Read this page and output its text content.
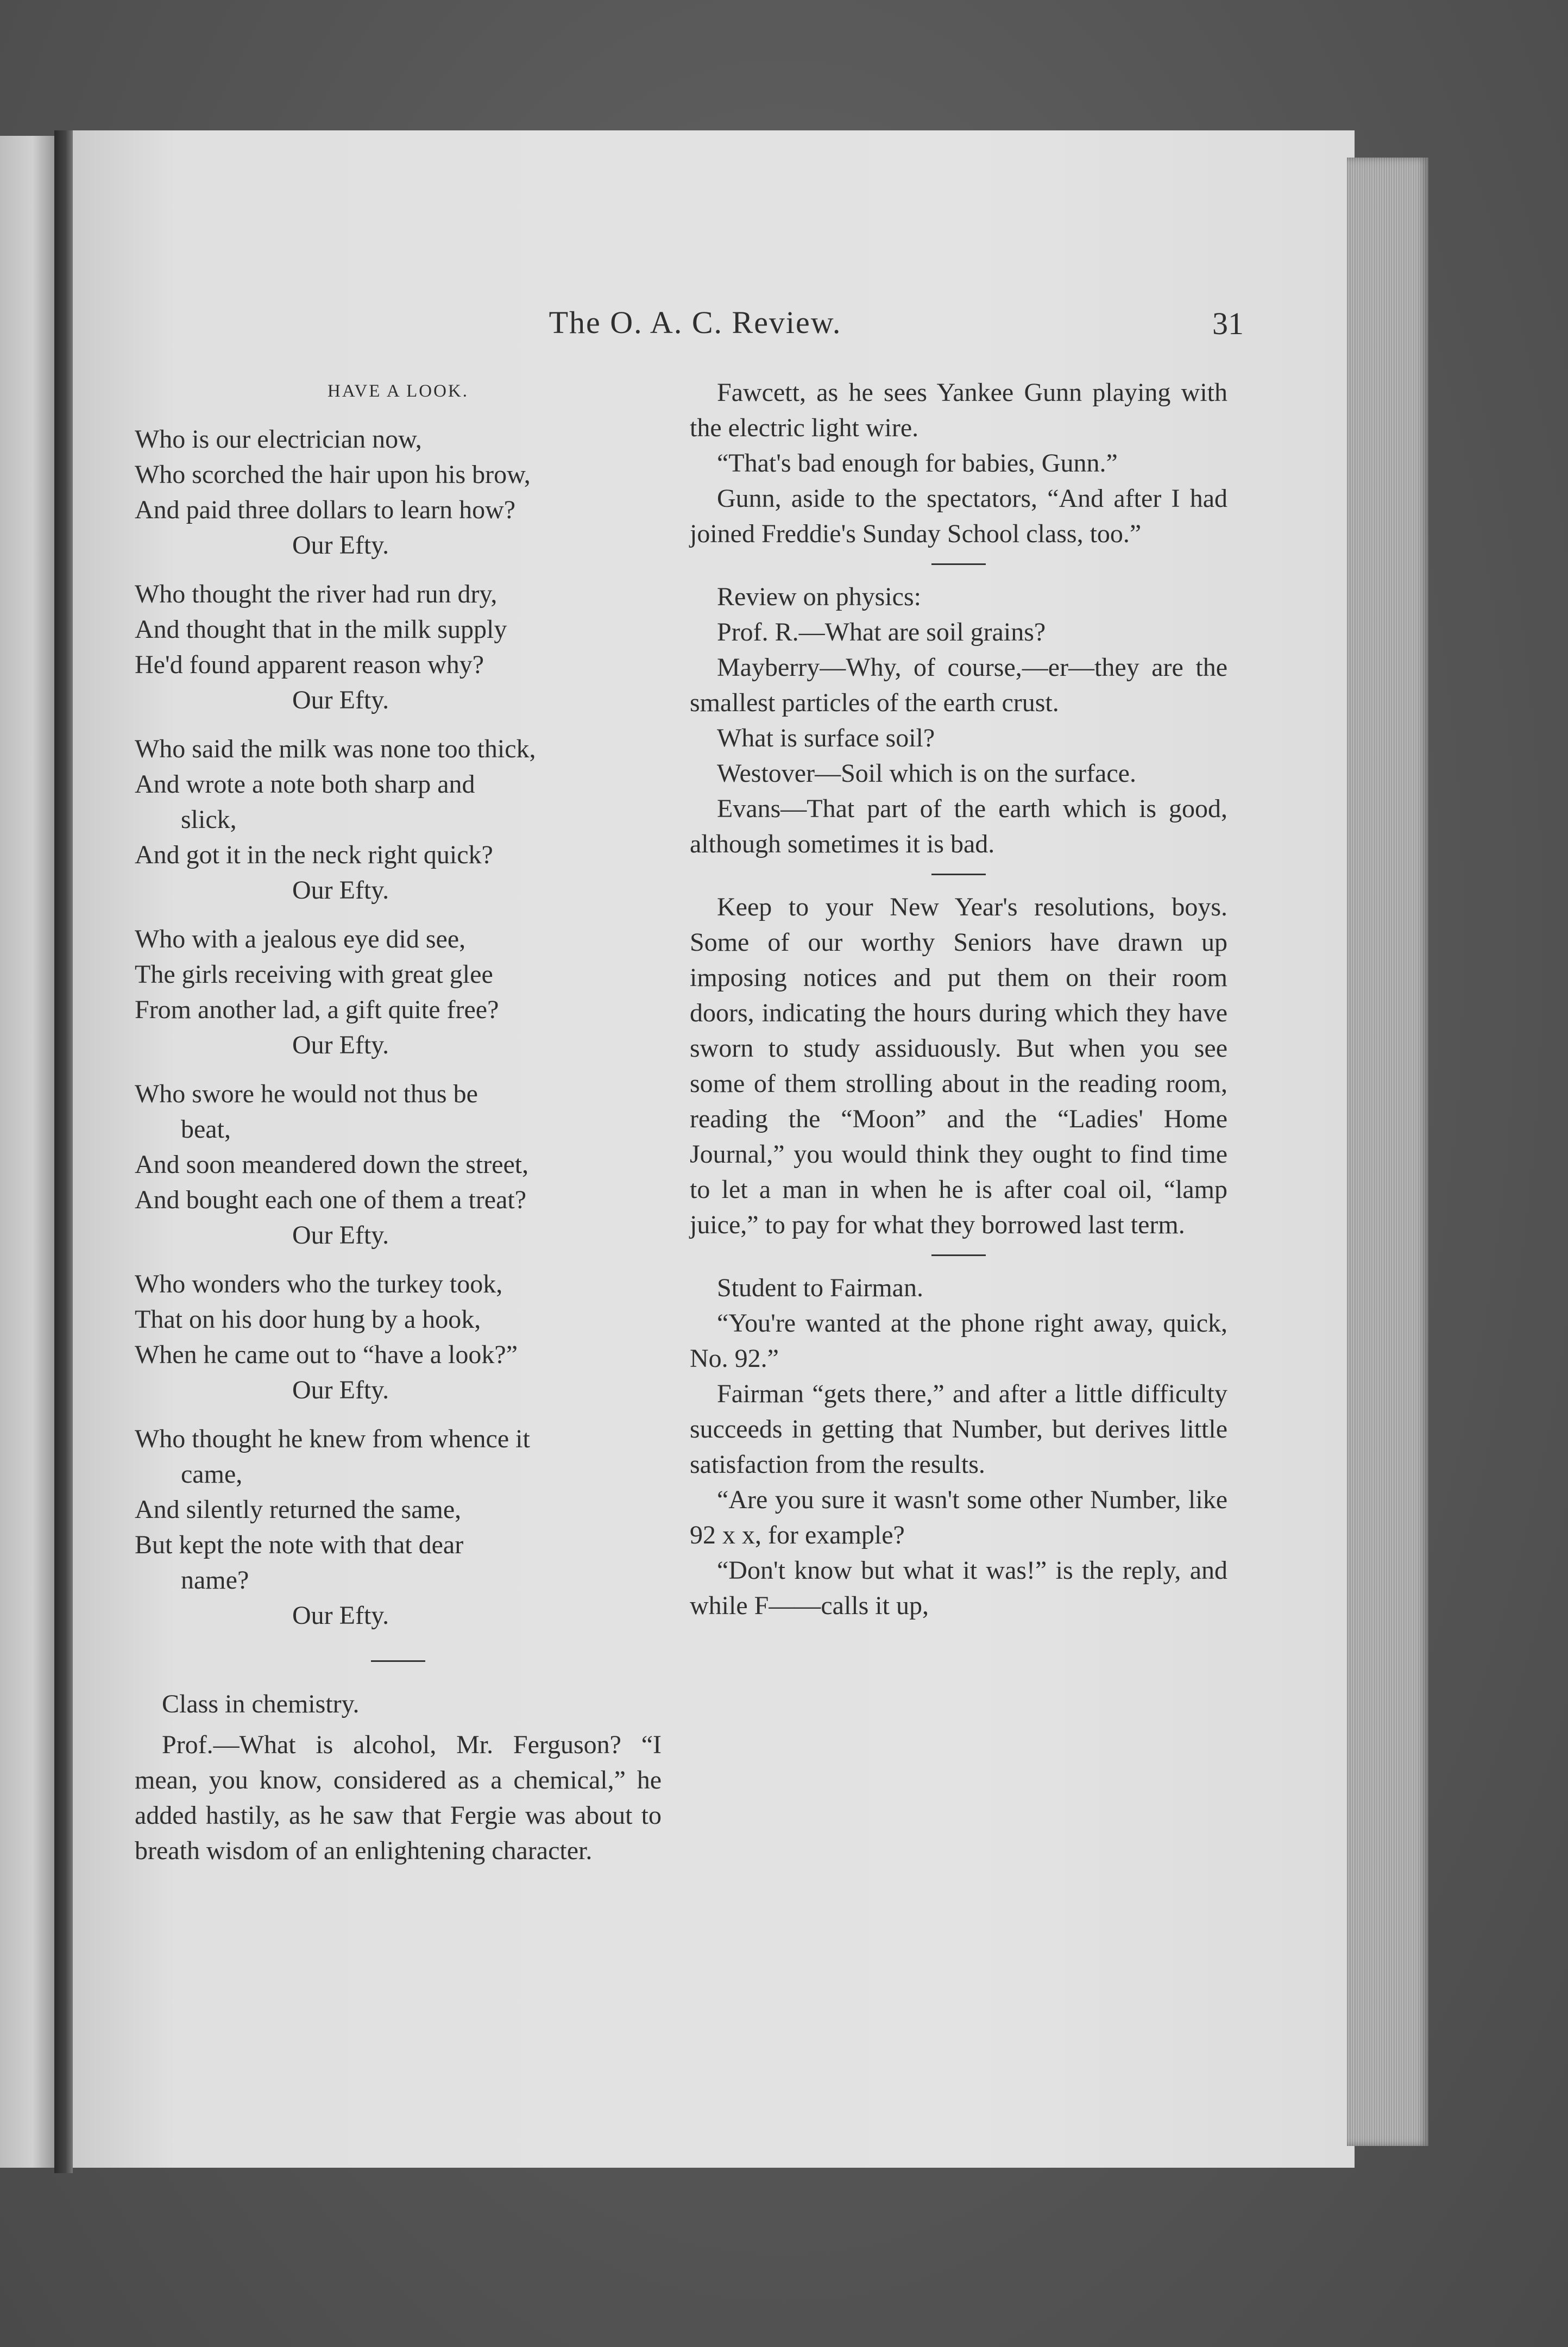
The O. A. C. Review.	31
HAVE A LOOK.
Who is our electrician now,
Who scorched the hair upon his brow,
And paid three dollars to learn how?
Our Efty.
Who thought the river had run dry,
And thought that in the milk supply
He'd found apparent reason why?
Our Efty.
Who said the milk was none too thick,
And wrote a note both sharp and
slick,
And got it in the neck right quick?
Our Efty.
Who with a jealous eye did see,
The girls receiving with great glee
From another lad, a gift quite free?
Our Efty.
Who swore he would not thus be
beat,
And soon meandered down the street,
And bought each one of them a treat?
Our Efty.
Who wonders who the turkey took,
That on his door hung by a hook,
When he came out to “have a look?”
Our Efty.
Who thought he knew from whence it
came,
And silently returned the same,
But kept the note with that dear
name?
Our Efty.
Class in chemistry.
Prof.—What is alcohol, Mr. Ferguson? “I mean, you know, considered as a chemical,” he added hastily, as he saw that Fergie was about to breath wisdom of an enlightening character.
Fawcett, as he sees Yankee Gunn playing with the electric light wire.
“That's bad enough for babies, Gunn.”
Gunn, aside to the spectators, “And after I had joined Freddie's Sunday School class, too.”
Review on physics:
Prof. R.—What are soil grains?
Mayberry—Why, of course,—er—they are the smallest particles of the earth crust.
What is surface soil?
Westover—Soil which is on the surface.
Evans—That part of the earth which is good, although sometimes it is bad.
Keep to your New Year's resolutions, boys. Some of our worthy Seniors have drawn up imposing notices and put them on their room doors, indicating the hours during which they have sworn to study assiduously. But when you see some of them strolling about in the reading room, reading the “Moon” and the “Ladies' Home Journal,” you would think they ought to find time to let a man in when he is after coal oil, “lamp juice,” to pay for what they borrowed last term.
Student to Fairman.
“You're wanted at the phone right away, quick, No. 92.”
Fairman “gets there,” and after a little difficulty succeeds in getting that Number, but derives little satisfaction from the results.
“Are you sure it wasn't some other Number, like 92 x x, for example?
“Don't know but what it was!” is the reply, and while F——calls it up,
